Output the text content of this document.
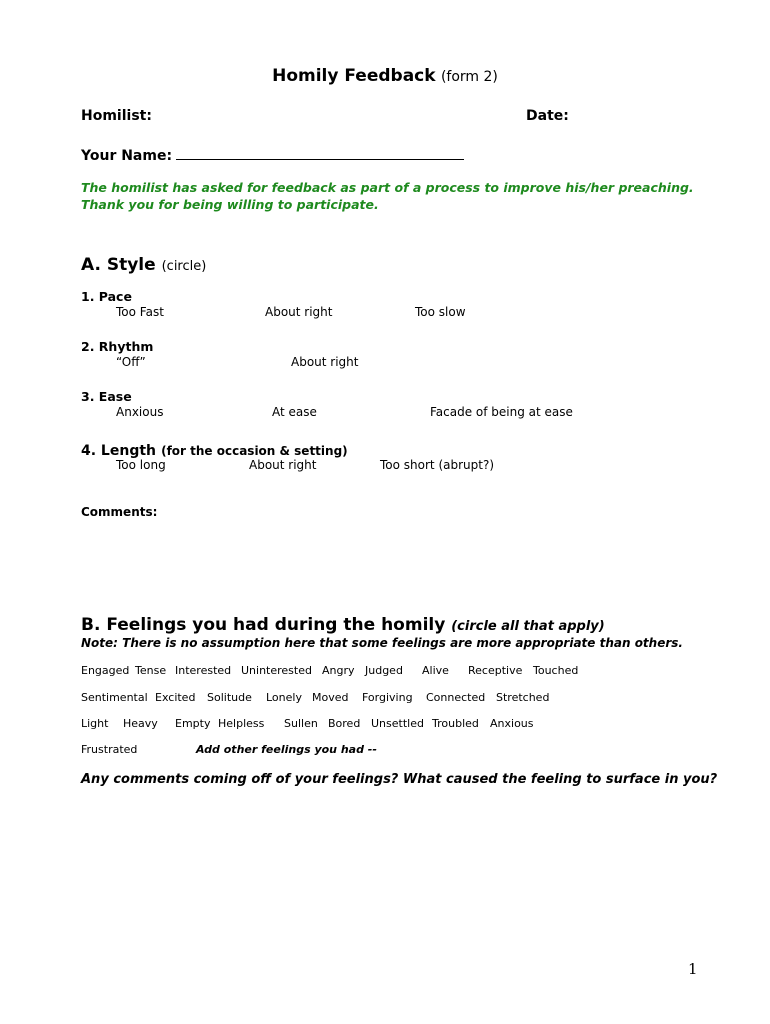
Homily Feedback (form 2)
Homilist:	Date:
Your Name:
The homilist has asked for feedback as part of a process to improve his/her preaching.
Thank you for being willing to participate.
A. Style (circle)
1. Pace
Too Fast	About right	Too slow
2. Rhythm
“Off”	About right
3. Ease
Anxious	At ease	Facade of being at ease
4. Length (for the occasion & setting)
Too long	About right	Too short (abrupt?)
Comments:
B. Feelings you had during the homily (circle all that apply)
Note: There is no assumption here that some feelings are more appropriate than others.
Engaged Tense Interested Uninterested Angry Judged Alive Receptive Touched
Sentimental Excited Solitude Lonely Moved Forgiving Connected Stretched
Light Heavy Empty Helpless Sullen Bored Unsettled Troubled Anxious
Frustrated	Add other feelings you had --
Any comments coming off of your feelings? What caused the feeling to surface in you?
1
